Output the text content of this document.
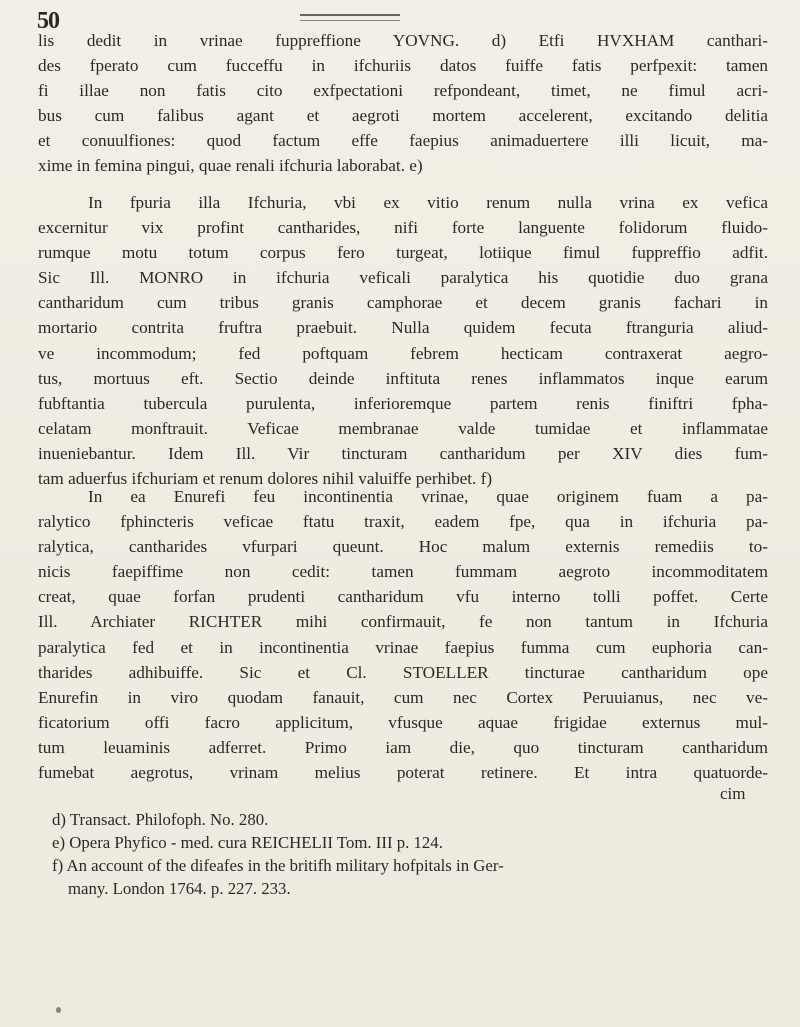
50
lis dedit in vrinae fuppreffione YOVNG. d) Etfi HVXHAM canthari-
des fperato cum fucceffu in ifchuriis datos fuiffe fatis perfpexit: tamen
fi illae non fatis cito exfpectationi refpondeant, timet, ne fimul acri-
bus cum falibus agant et aegroti mortem accelerent, excitando delitia
et conuulfiones: quod factum effe faepius animaduertere illi licuit, ma-
xime in femina pingui, quae renali ifchuria laborabat. e)
In fpuria illa Ifchuria, vbi ex vitio renum nulla vrina ex vefica
excernitur vix profint cantharides, nifi forte languente folidorum fluido-
rumque motu totum corpus fero turgeat, lotiique fimul fuppreffio adfit.
Sic Ill. MONRO in ifchuria veficali paralytica his quotidie duo grana
cantharidum cum tribus granis camphorae et decem granis fachari in
mortario contrita fruftra praebuit. Nulla quidem fecuta ftranguria aliud-
ve incommodum; fed poftquam febrem hecticam contraxerat aegro-
tus, mortuus eft. Sectio deinde inftituta renes inflammatos inque earum
fubftantia tubercula purulenta, inferioremque partem renis finiftri fpha-
celatam monftrauit. Veficae membranae valde tumidae et inflammatae
inueniebantur. Idem Ill. Vir tincturam cantharidum per XIV dies fum-
tam aduerfus ifchuriam et renum dolores nihil valuiffe perhibet. f)
In ea Enurefi feu incontinentia vrinae, quae originem fuam a pa-
ralytico fphincteris veficae ftatu traxit, eadem fpe, qua in ifchuria pa-
ralytica, cantharides vfurpari queunt. Hoc malum externis remediis to-
nicis faepiffime non cedit: tamen fummam aegroto incommoditatem
creat, quae forfan prudenti cantharidum vfu interno tolli poffet. Certe
Ill. Archiater RICHTER mihi confirmauit, fe non tantum in Ifchuria
paralytica fed et in incontinentia vrinae faepius fumma cum euphoria can-
tharides adhibuiffe. Sic et Cl. STOELLER tincturae cantharidum ope
Enurefin in viro quodam fanauit, cum nec Cortex Peruuianus, nec ve-
ficatorium offi facro applicitum, vfusque aquae frigidae externus mul-
tum leuaminis adferret. Primo iam die, quo tincturam cantharidum
fumebat aegrotus, vrinam melius poterat retinere. Et intra quatuorde-
cim
d) Transact. Philofoph. No. 280.
e) Opera Phyfico - med. cura REICHELII Tom. III p. 124.
f) An account of the difeafes in the britifh military hofpitals in Ger-
many. London 1764. p. 227. 233.
